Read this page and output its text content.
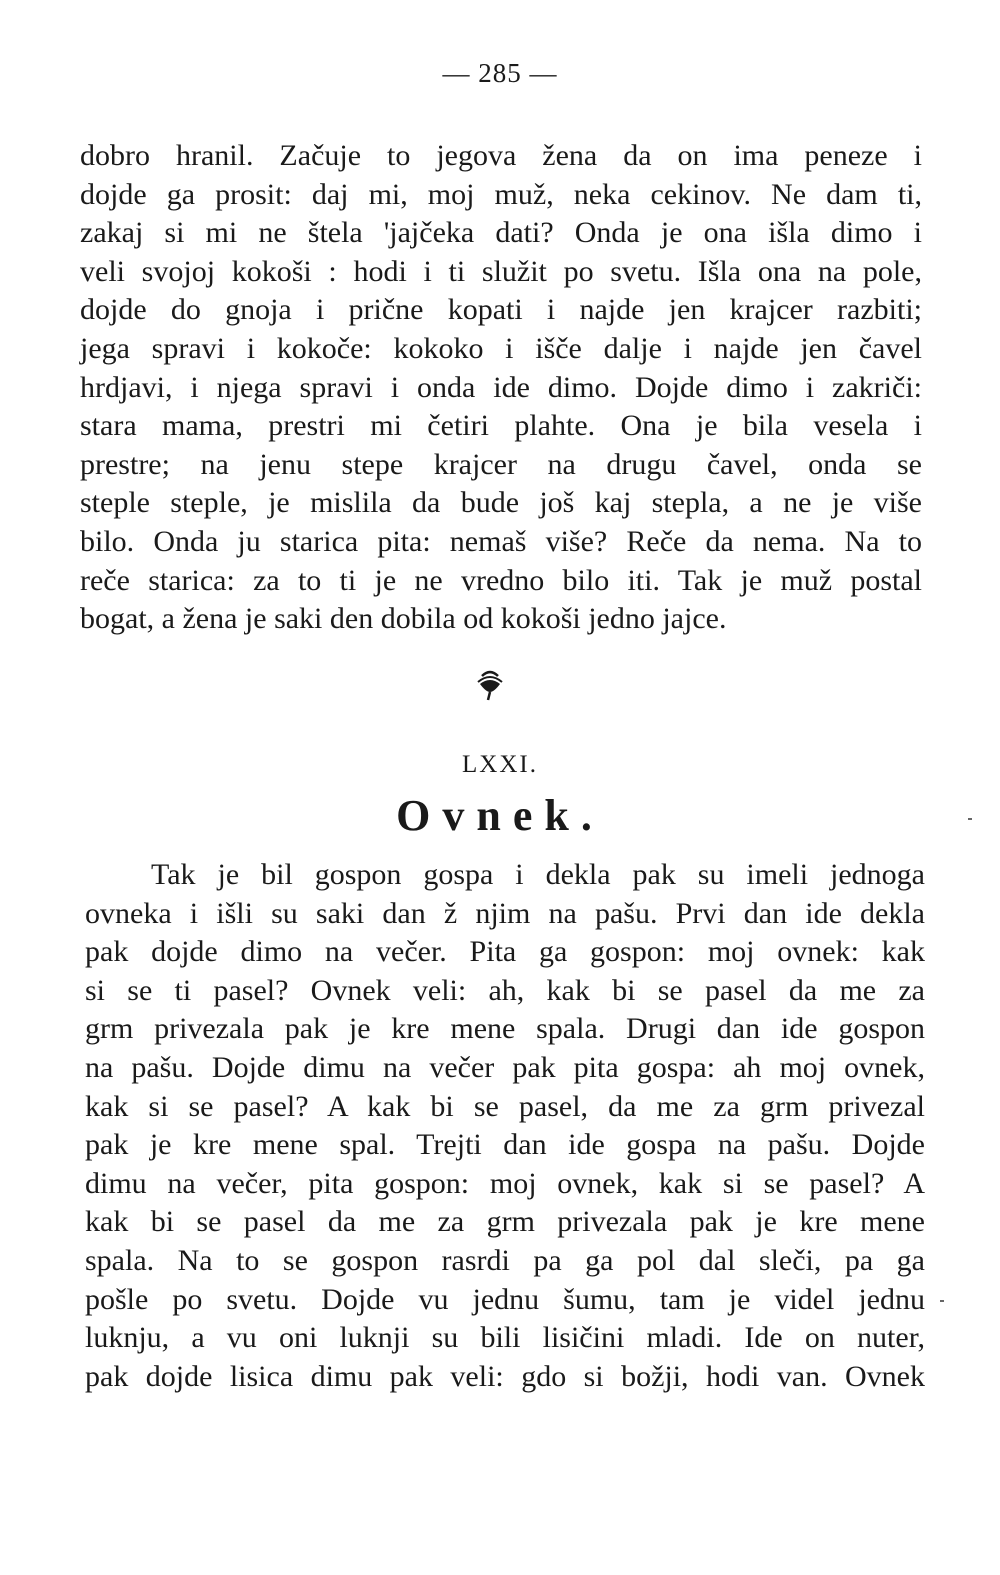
— 285 —
dobro hranil. Začuje to jegova žena da on ima peneze i
dojde ga prosit: daj mi, moj muž, neka cekinov. Ne dam ti,
zakaj si mi ne štela 'jajčeka dati? Onda je ona išla dimo i
veli svojoj kokoši : hodi i ti služit po svetu. Išla ona na pole,
dojde do gnoja i prične kopati i najde jen krajcer razbiti;
jega spravi i kokoče: kokoko i išče dalje i najde jen čavel
hrdjavi, i njega spravi i onda ide dimo. Dojde dimo i zakriči:
stara mama, prestri mi četiri plahte. Ona je bila vesela i
prestre; na jenu stepe krajcer na drugu čavel, onda se
steple steple, je mislila da bude još kaj stepla, a ne je više
bilo. Onda ju starica pita: nemaš više? Reče da nema. Na to
reče starica: za to ti je ne vredno bilo iti. Tak je muž postal
bogat, a žena je saki den dobila od kokoši jedno jajce.
LXXI.
Ovnek.
Tak je bil gospon gospa i dekla pak su imeli jednoga
ovneka i išli su saki dan ž njim na pašu. Prvi dan ide dekla
pak dojde dimo na večer. Pita ga gospon: moj ovnek: kak
si se ti pasel? Ovnek veli: ah, kak bi se pasel da me za
grm privezala pak je kre mene spala. Drugi dan ide gospon
na pašu. Dojde dimu na večer pak pita gospa: ah moj ovnek,
kak si se pasel? A kak bi se pasel, da me za grm privezal
pak je kre mene spal. Trejti dan ide gospa na pašu. Dojde
dimu na večer, pita gospon: moj ovnek, kak si se pasel? A
kak bi se pasel da me za grm privezala pak je kre mene
spala. Na to se gospon rasrdi pa ga pol dal sleči, pa ga
pošle po svetu. Dojde vu jednu šumu, tam je videl jednu
luknju, a vu oni luknji su bili lisičini mladi. Ide on nuter,
pak dojde lisica dimu pak veli: gdo si božji, hodi van. Ovnek
